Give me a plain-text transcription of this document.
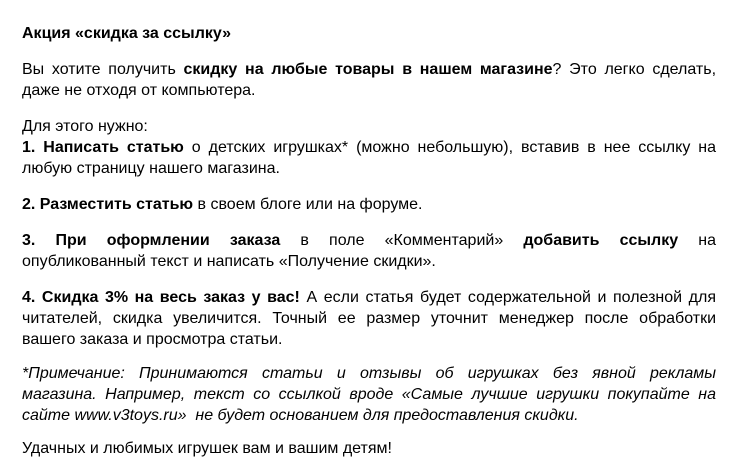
Акция «скидка за ссылку»
Вы хотите получить скидку на любые товары в нашем магазине? Это легко сделать,
даже не отходя от компьютера.
Для этого нужно:
1. Написать статью о детских игрушках* (можно небольшую), вставив в нее ссылку на
любую страницу нашего магазина.
2. Разместить статью в своем блоге или на форуме.
3. При оформлении заказа в поле «Комментарий» добавить ссылку на
опубликованный текст и написать «Получение скидки».
4. Скидка 3% на весь заказ у вас! А если статья будет содержательной и полезной для
читателей, скидка увеличится. Точный ее размер уточнит менеджер после обработки
вашего заказа и просмотра статьи.
*Примечание: Принимаются статьи и отзывы об игрушках без явной рекламы
магазина. Например, текст со ссылкой вроде «Самые лучшие игрушки покупайте на
сайте www.v3toys.ru»  не будет основанием для предоставления скидки.
Удачных и любимых игрушек вам и вашим детям!
